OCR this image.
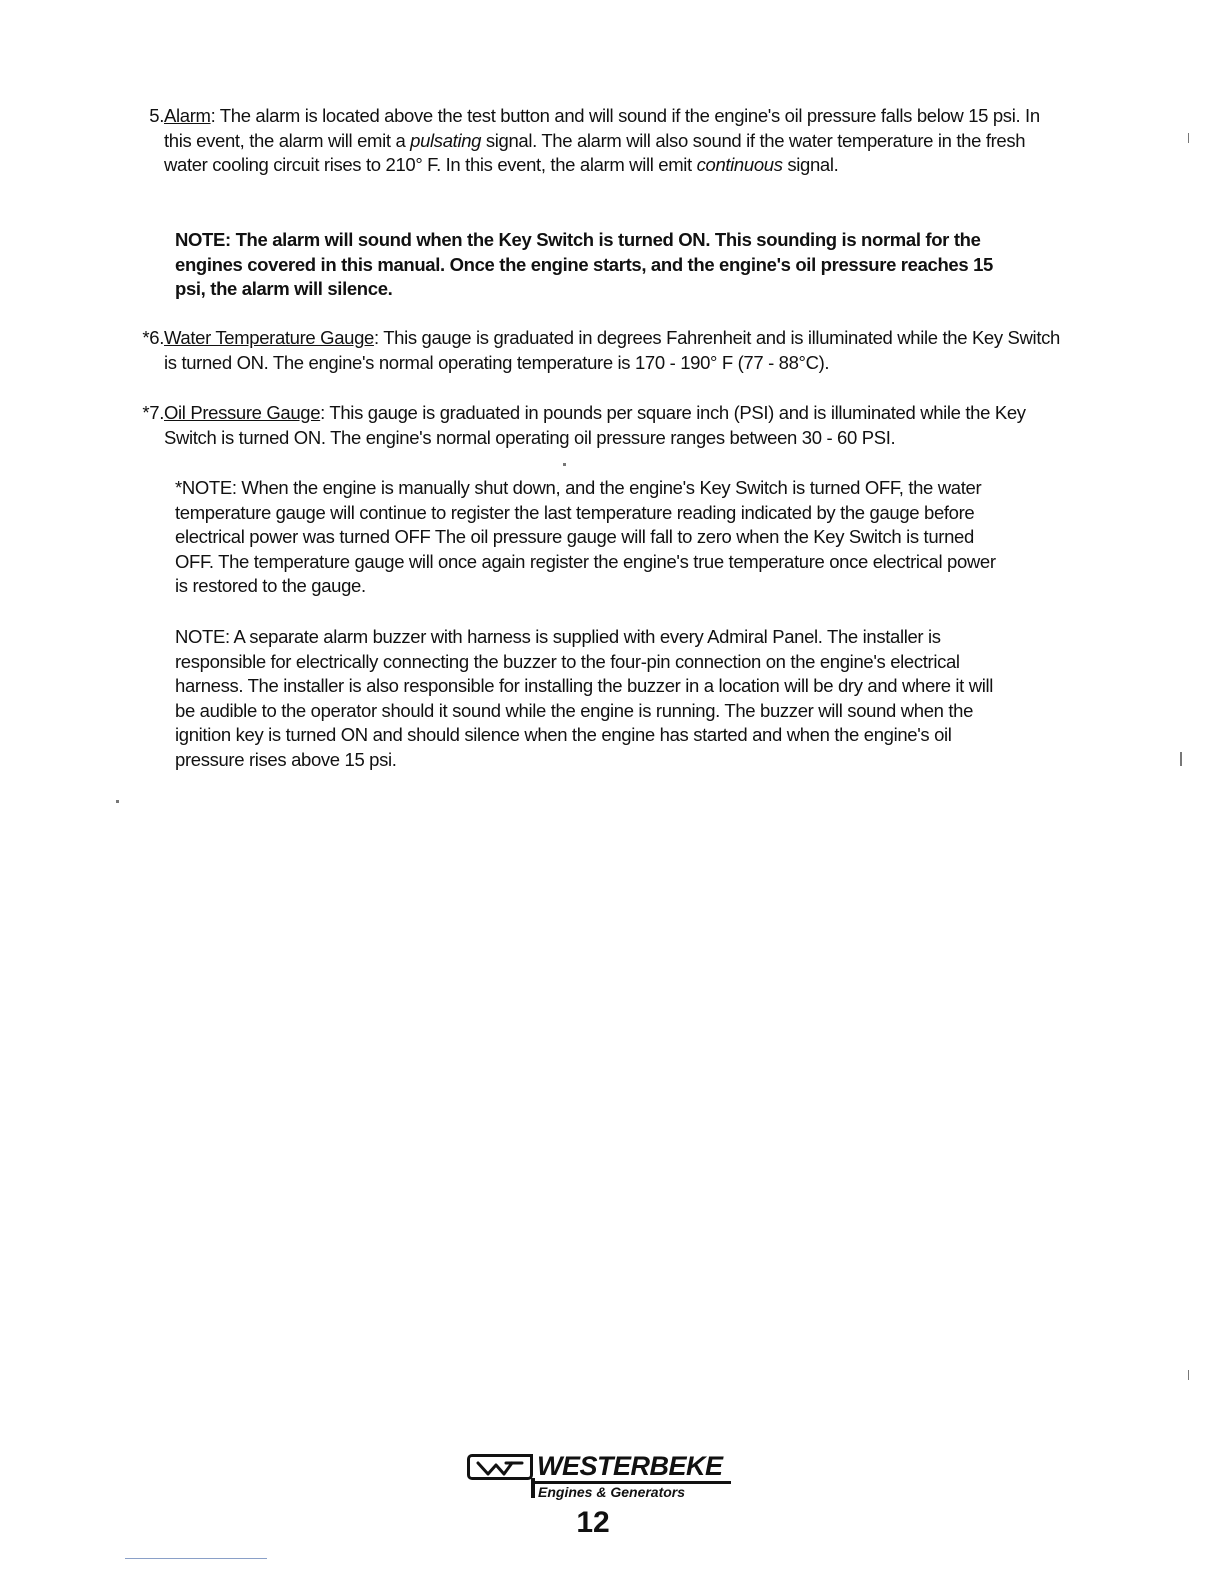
5. Alarm: The alarm is located above the test button and will sound if the engine's oil pressure falls below 15 psi. In this event, the alarm will emit a pulsating signal. The alarm will also sound if the water temperature in the fresh water cooling circuit rises to 210° F. In this event, the alarm will emit continuous signal.
NOTE: The alarm will sound when the Key Switch is turned ON. This sounding is normal for the engines covered in this manual. Once the engine starts, and the engine's oil pressure reaches 15 psi, the alarm will silence.
*6. Water Temperature Gauge: This gauge is graduated in degrees Fahrenheit and is illuminated while the Key Switch is turned ON. The engine's normal operating temperature is 170 - 190° F (77 - 88°C).
*7. Oil Pressure Gauge: This gauge is graduated in pounds per square inch (PSI) and is illuminated while the Key Switch is turned ON. The engine's normal operating oil pressure ranges between 30 - 60 PSI.
*NOTE: When the engine is manually shut down, and the engine's Key Switch is turned OFF, the water temperature gauge will continue to register the last temperature reading indicated by the gauge before electrical power was turned OFF The oil pressure gauge will fall to zero when the Key Switch is turned OFF. The temperature gauge will once again register the engine's true temperature once electrical power is restored to the gauge.
NOTE: A separate alarm buzzer with harness is supplied with every Admiral Panel. The installer is responsible for electrically connecting the buzzer to the four-pin connection on the engine's electrical harness. The installer is also responsible for installing the buzzer in a location will be dry and where it will be audible to the operator should it sound while the engine is running. The buzzer will sound when the ignition key is turned ON and should silence when the engine has started and when the engine's oil pressure rises above 15 psi.
WESTERBEKE
Engines & Generators
12
